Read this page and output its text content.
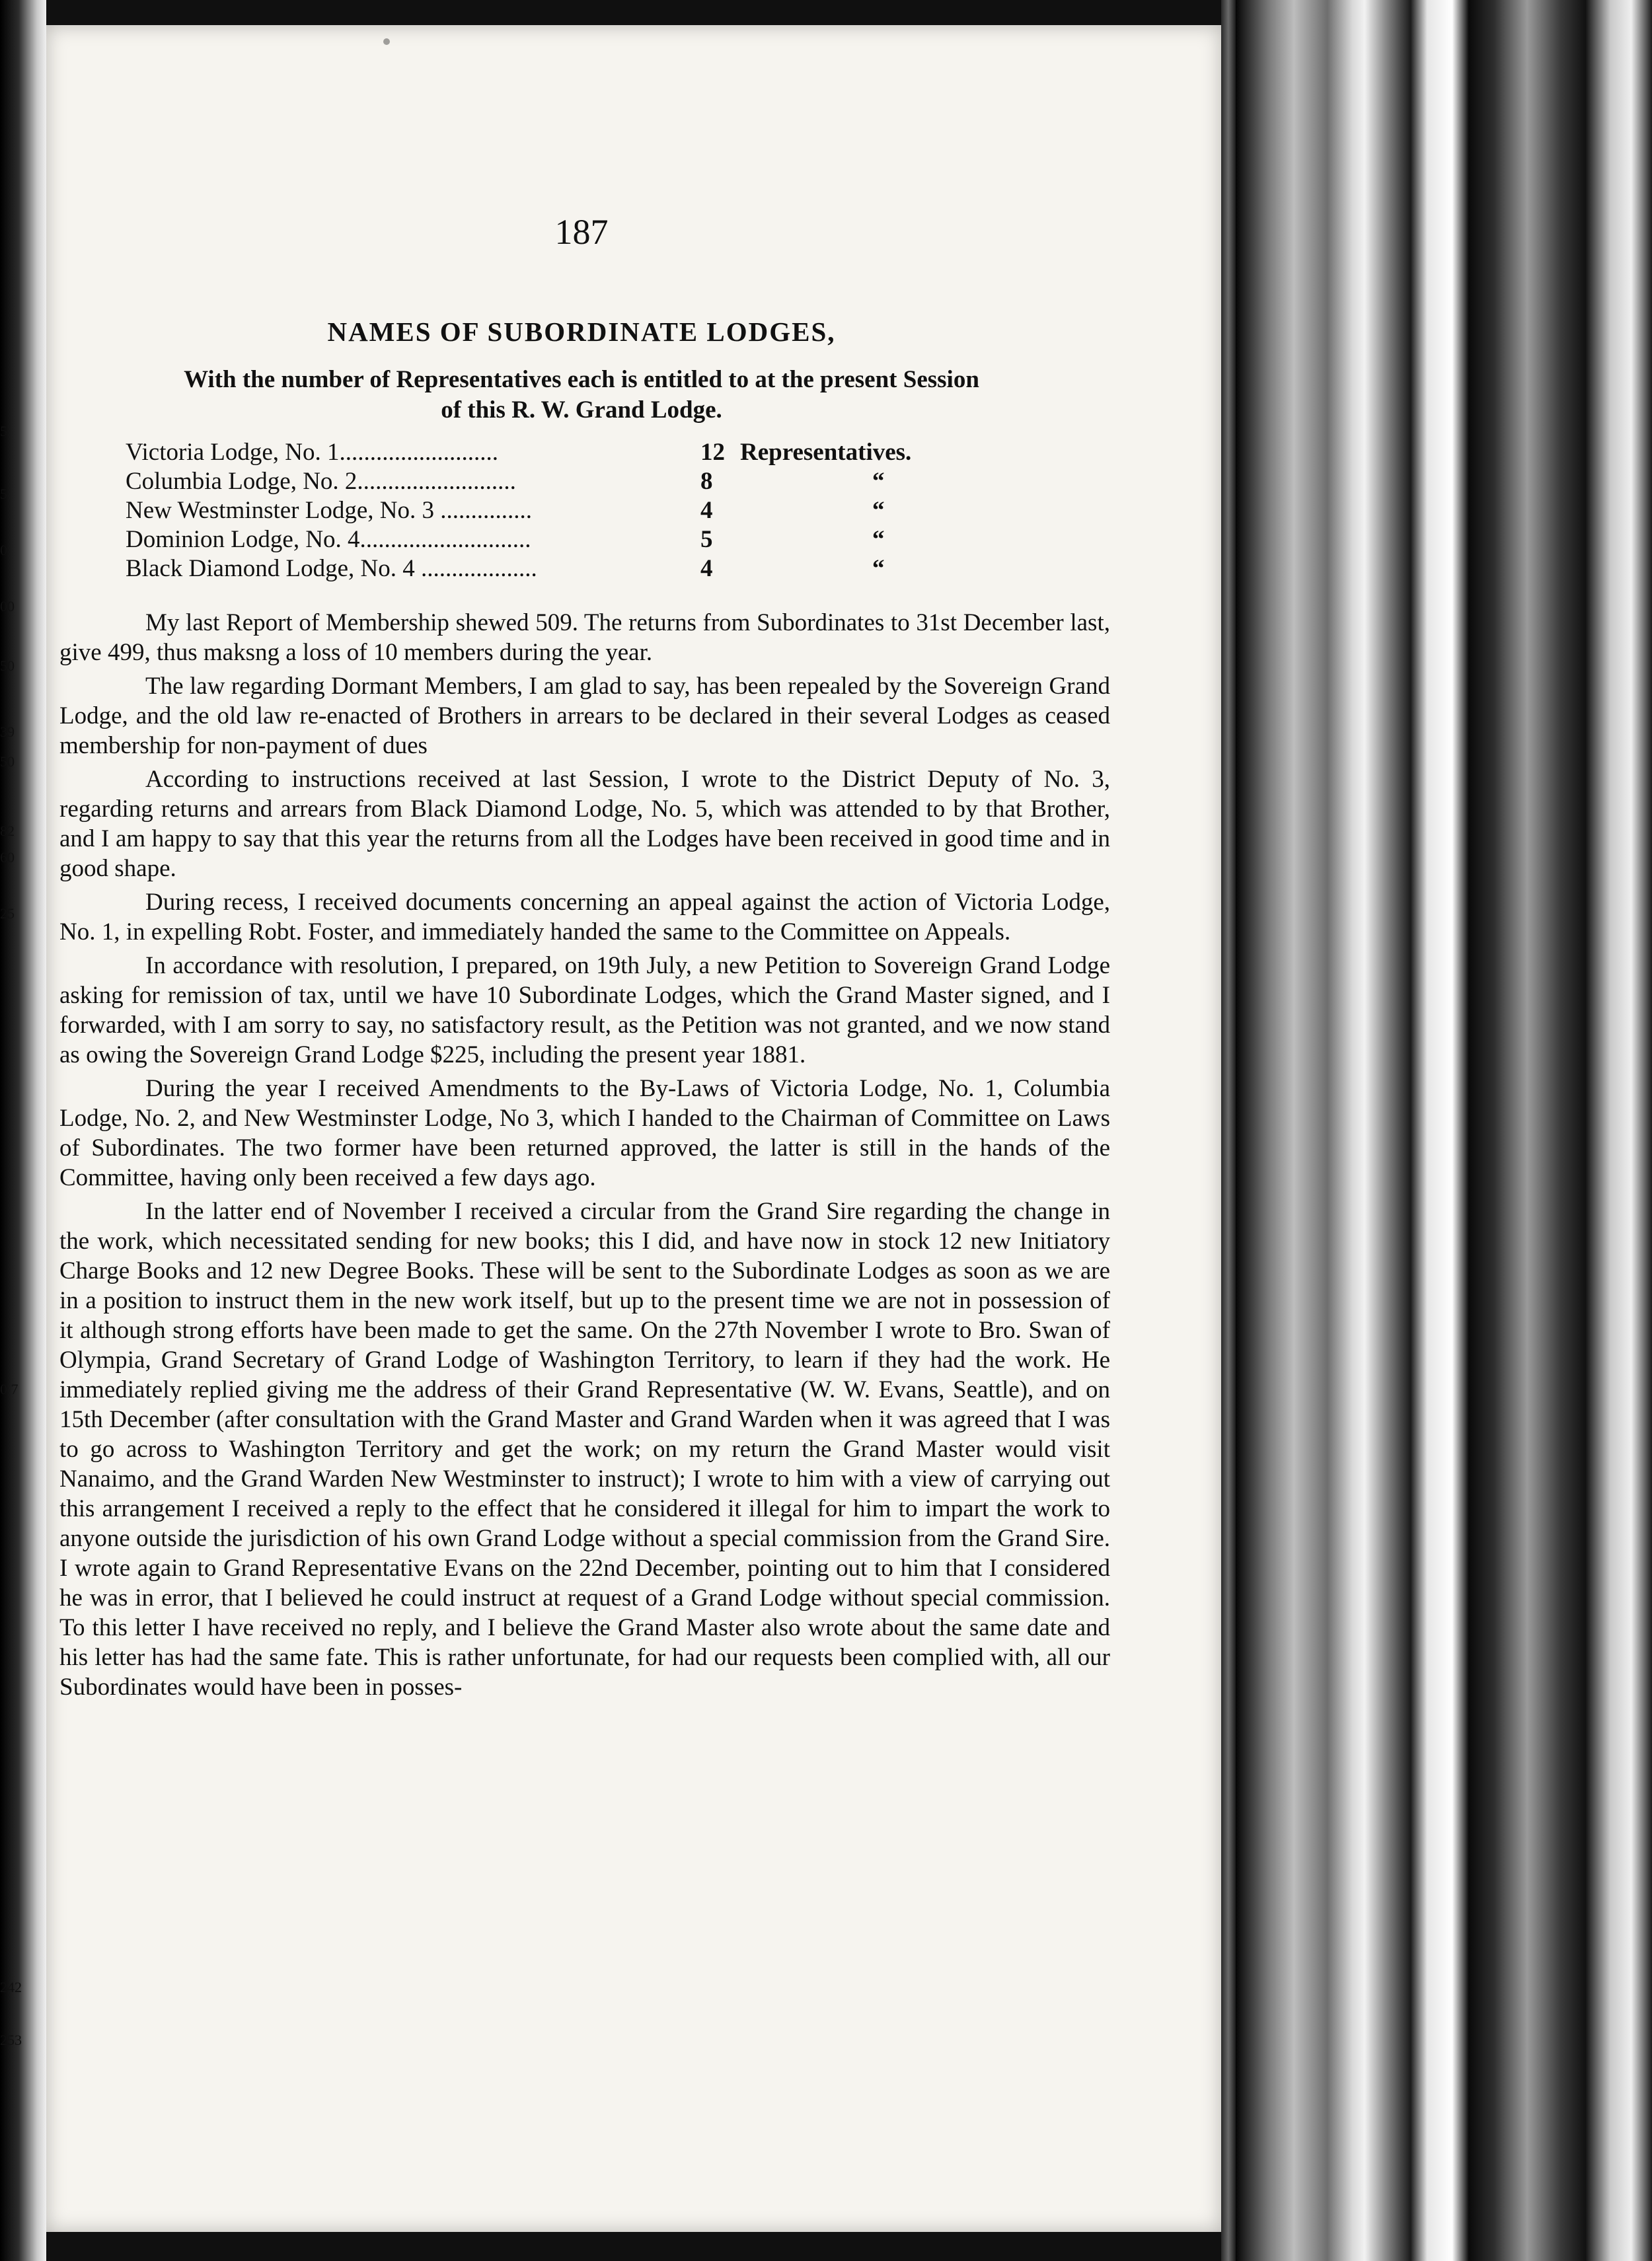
5
5
0
00
50
39
50
82
60
25
0 7
242
253
187
NAMES OF SUBORDINATE LODGES,
With the number of Representatives each is entitled to at the present Session
of this R. W. Grand Lodge.
Victoria Lodge, No. 1..........................	12 Representatives.
Columbia Lodge, No. 2..........................	8	“
New Westminster Lodge, No. 3 ...............	4	“
Dominion Lodge, No. 4............................	5	“
Black Diamond Lodge, No. 4 ...................	4	“

My last Report of Membership shewed 509. The returns from Subordinates to 31st December last, give 499, thus maksng a loss of 10 members during the year.

The law regarding Dormant Members, I am glad to say, has been repealed by the Sovereign Grand Lodge, and the old law re-enacted of Brothers in arrears to be declared in their several Lodges as ceased membership for non-payment of dues

According to instructions received at last Session, I wrote to the District Deputy of No. 3, regarding returns and arrears from Black Diamond Lodge, No. 5, which was attended to by that Brother, and I am happy to say that this year the returns from all the Lodges have been received in good time and in good shape.

During recess, I received documents concerning an appeal against the action of Victoria Lodge, No. 1, in expelling Robt. Foster, and immediately handed the same to the Committee on Appeals.

In accordance with resolution, I prepared, on 19th July, a new Petition to Sovereign Grand Lodge asking for remission of tax, until we have 10 Subordinate Lodges, which the Grand Master signed, and I forwarded, with I am sorry to say, no satisfactory result, as the Petition was not granted, and we now stand as owing the Sovereign Grand Lodge $225, including the present year 1881.

During the year I received Amendments to the By-Laws of Victoria Lodge, No. 1, Columbia Lodge, No. 2, and New Westminster Lodge, No 3, which I handed to the Chairman of Committee on Laws of Subordinates. The two former have been returned approved, the latter is still in the hands of the Committee, having only been received a few days ago.

In the latter end of November I received a circular from the Grand Sire regarding the change in the work, which necessitated sending for new books; this I did, and have now in stock 12 new Initiatory Charge Books and 12 new Degree Books. These will be sent to the Subordinate Lodges as soon as we are in a position to instruct them in the new work itself, but up to the present time we are not in possession of it although strong efforts have been made to get the same. On the 27th November I wrote to Bro. Swan of Olympia, Grand Secretary of Grand Lodge of Washington Territory, to learn if they had the work. He immediately replied giving me the address of their Grand Representative (W. W. Evans, Seattle), and on 15th December (after consultation with the Grand Master and Grand Warden when it was agreed that I was to go across to Washington Territory and get the work; on my return the Grand Master would visit Nanaimo, and the Grand Warden New Westminster to instruct); I wrote to him with a view of carrying out this arrangement I received a reply to the effect that he considered it illegal for him to impart the work to anyone outside the jurisdiction of his own Grand Lodge without a special commission from the Grand Sire. I wrote again to Grand Representative Evans on the 22nd December, pointing out to him that I considered he was in error, that I believed he could instruct at request of a Grand Lodge without special commission. To this letter I have received no reply, and I believe the Grand Master also wrote about the same date and his letter has had the same fate. This is rather unfortunate, for had our requests been complied with, all our Subordinates would have been in posses-
